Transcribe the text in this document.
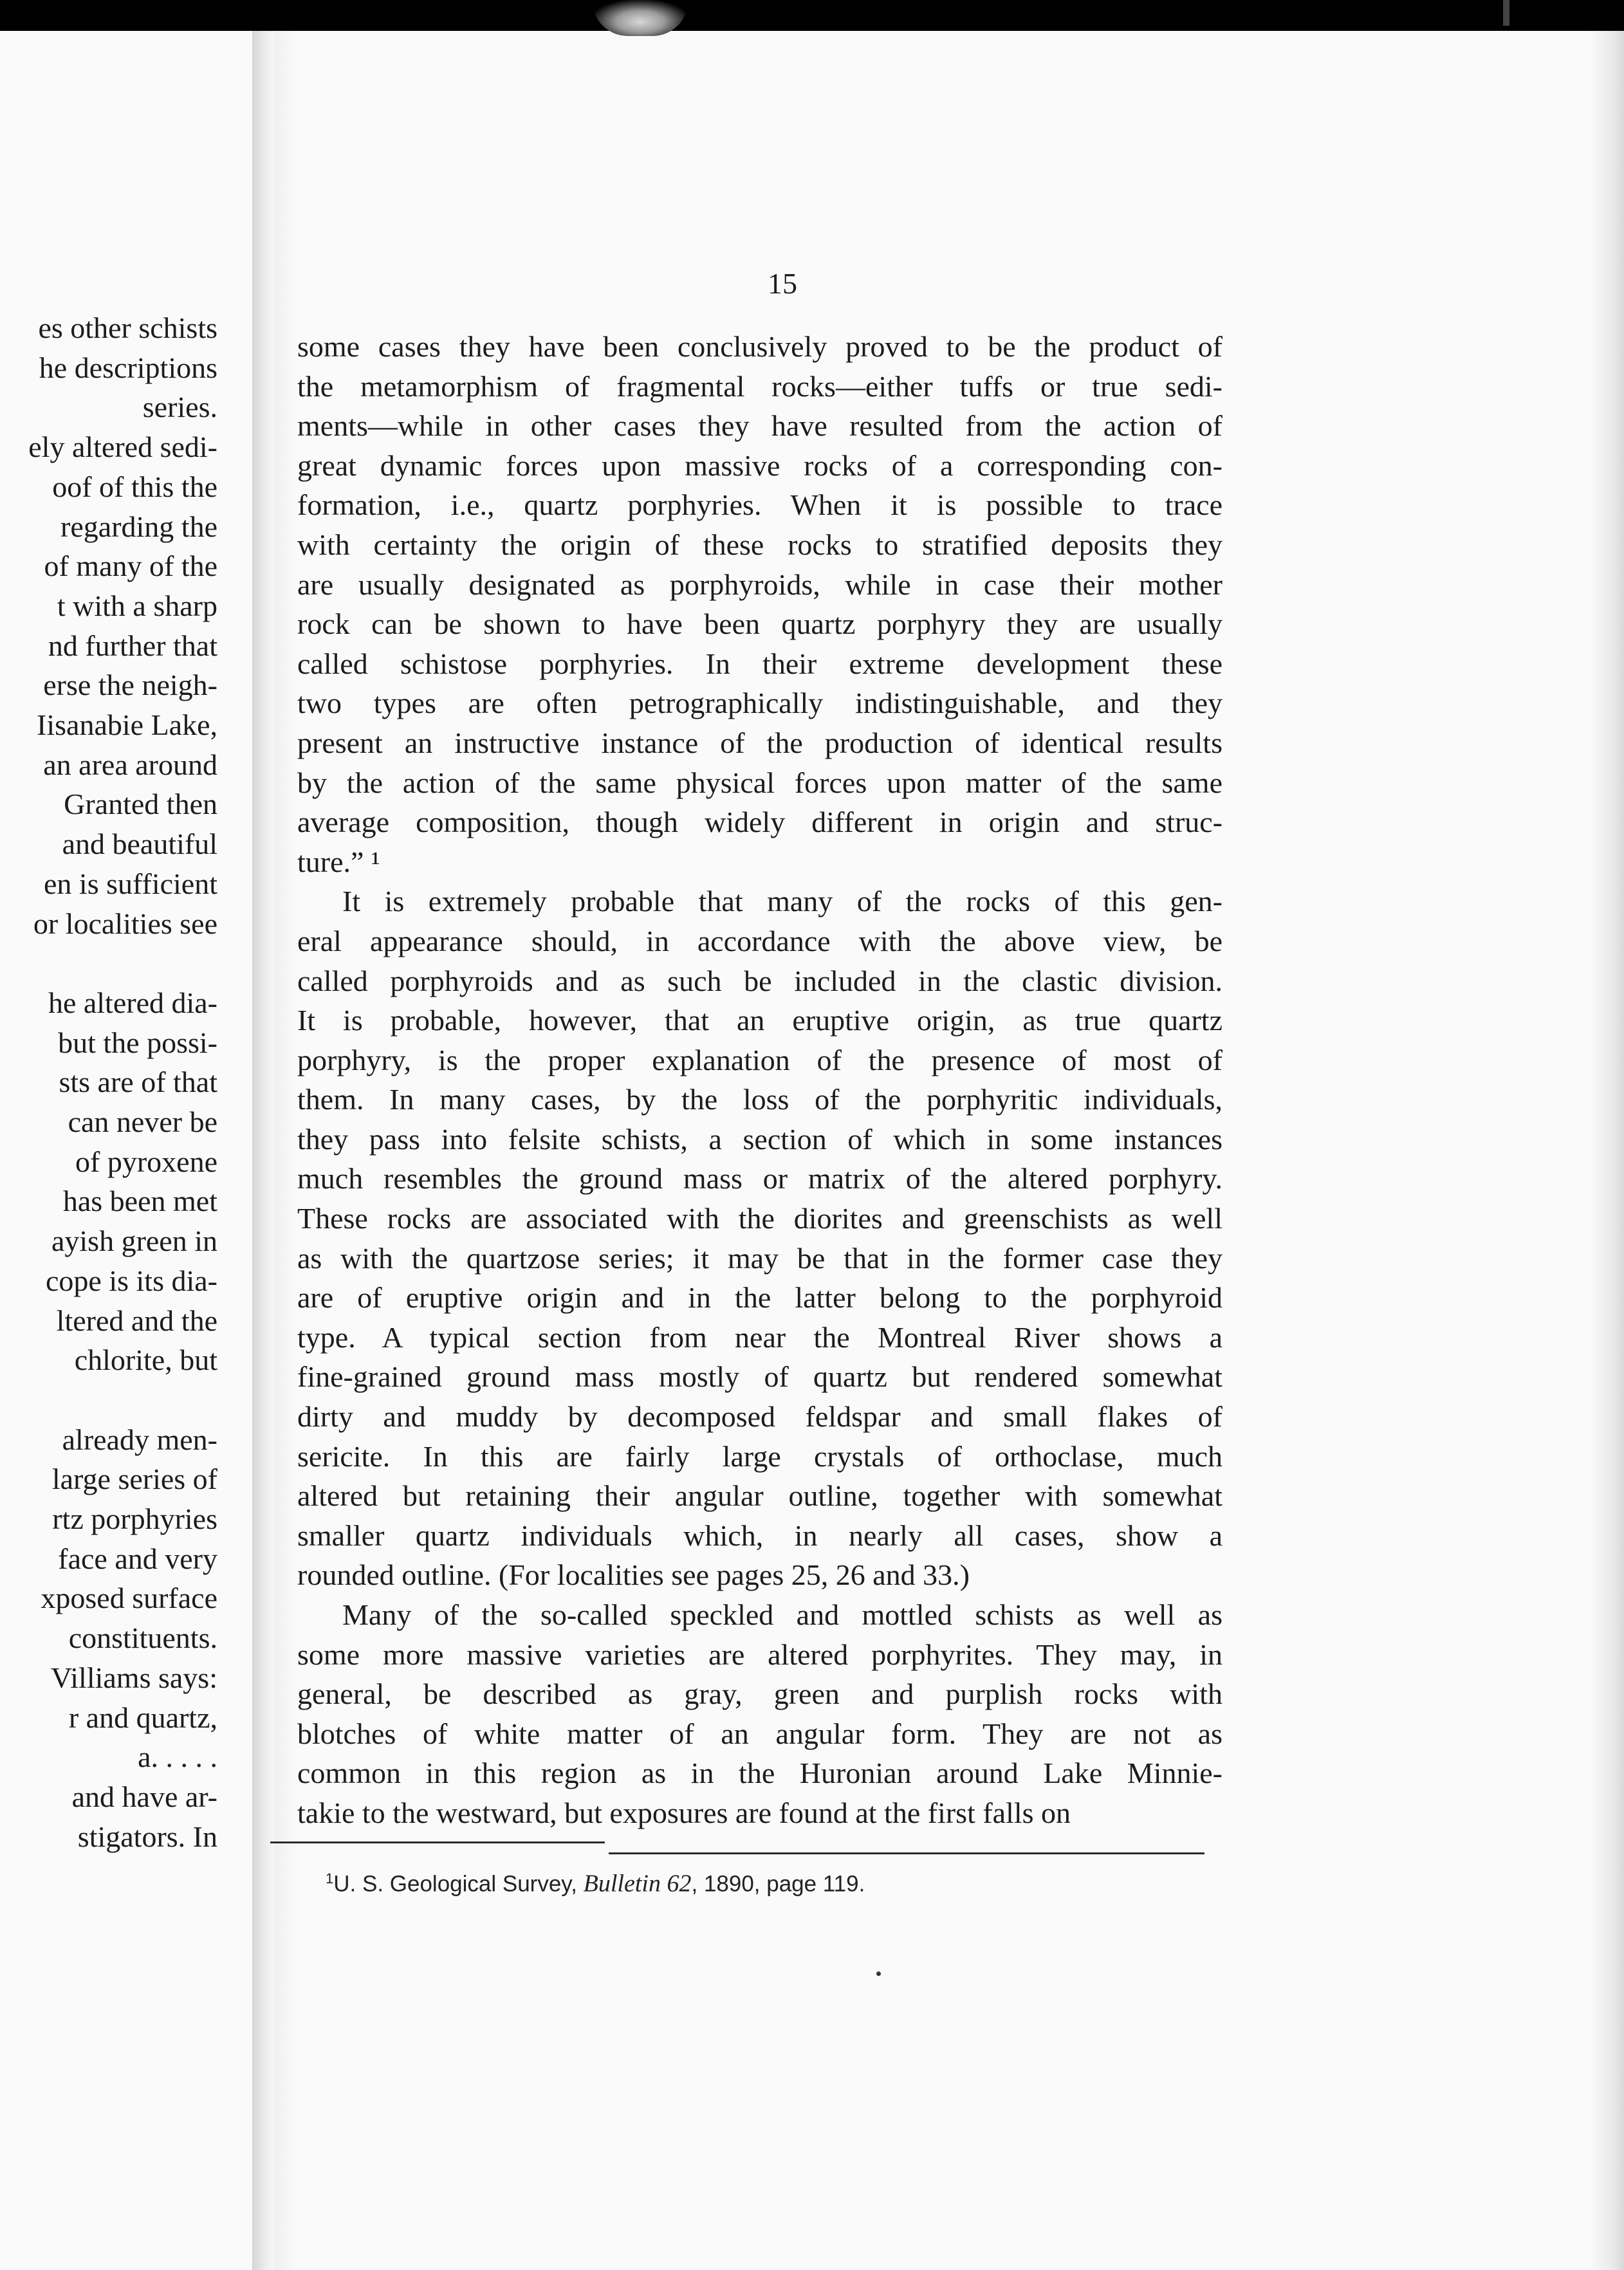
es other schists
he descriptions
series.
ely altered sedi-
oof of this the
regarding the
of many of the
t with a sharp
nd further that
erse the neigh-
Iisanabie Lake,
an area around
Granted then
and beautiful
en is sufficient
or localities see
he altered dia-
but the possi-
sts are of that
can never be
of pyroxene
has been met
ayish green in
cope is its dia-
ltered and the
chlorite, but
already men-
large series of
rtz porphyries
face and very
xposed surface
constituents.
Villiams says:
r and quartz,
a. . . . .
and have ar-
stigators. In
15
some cases they have been conclusively proved to be the product of
the metamorphism of fragmental rocks—either tuffs or true sedi-
ments—while in other cases they have resulted from the action of
great dynamic forces upon massive rocks of a corresponding con-
formation, i.e., quartz porphyries. When it is possible to trace
with certainty the origin of these rocks to stratified deposits they
are usually designated as porphyroids, while in case their mother
rock can be shown to have been quartz porphyry they are usually
called schistose porphyries. In their extreme development these
two types are often petrographically indistinguishable, and they
present an instructive instance of the production of identical results
by the action of the same physical forces upon matter of the same
average composition, though widely different in origin and struc-
ture.” ¹
It is extremely probable that many of the rocks of this gen-
eral appearance should, in accordance with the above view, be
called porphyroids and as such be included in the clastic division.
It is probable, however, that an eruptive origin, as true quartz
porphyry, is the proper explanation of the presence of most of
them. In many cases, by the loss of the porphyritic individuals,
they pass into felsite schists, a section of which in some instances
much resembles the ground mass or matrix of the altered porphyry.
These rocks are associated with the diorites and greenschists as well
as with the quartzose series; it may be that in the former case they
are of eruptive origin and in the latter belong to the porphyroid
type. A typical section from near the Montreal River shows a
fine-grained ground mass mostly of quartz but rendered somewhat
dirty and muddy by decomposed feldspar and small flakes of
sericite. In this are fairly large crystals of orthoclase, much
altered but retaining their angular outline, together with somewhat
smaller quartz individuals which, in nearly all cases, show a
rounded outline. (For localities see pages 25, 26 and 33.)
Many of the so-called speckled and mottled schists as well as
some more massive varieties are altered porphyrites. They may, in
general, be described as gray, green and purplish rocks with
blotches of white matter of an angular form. They are not as
common in this region as in the Huronian around Lake Minnie-
takie to the westward, but exposures are found at the first falls on
$^1$U. S. Geological Survey, Bulletin 62, 1890, page 119.
